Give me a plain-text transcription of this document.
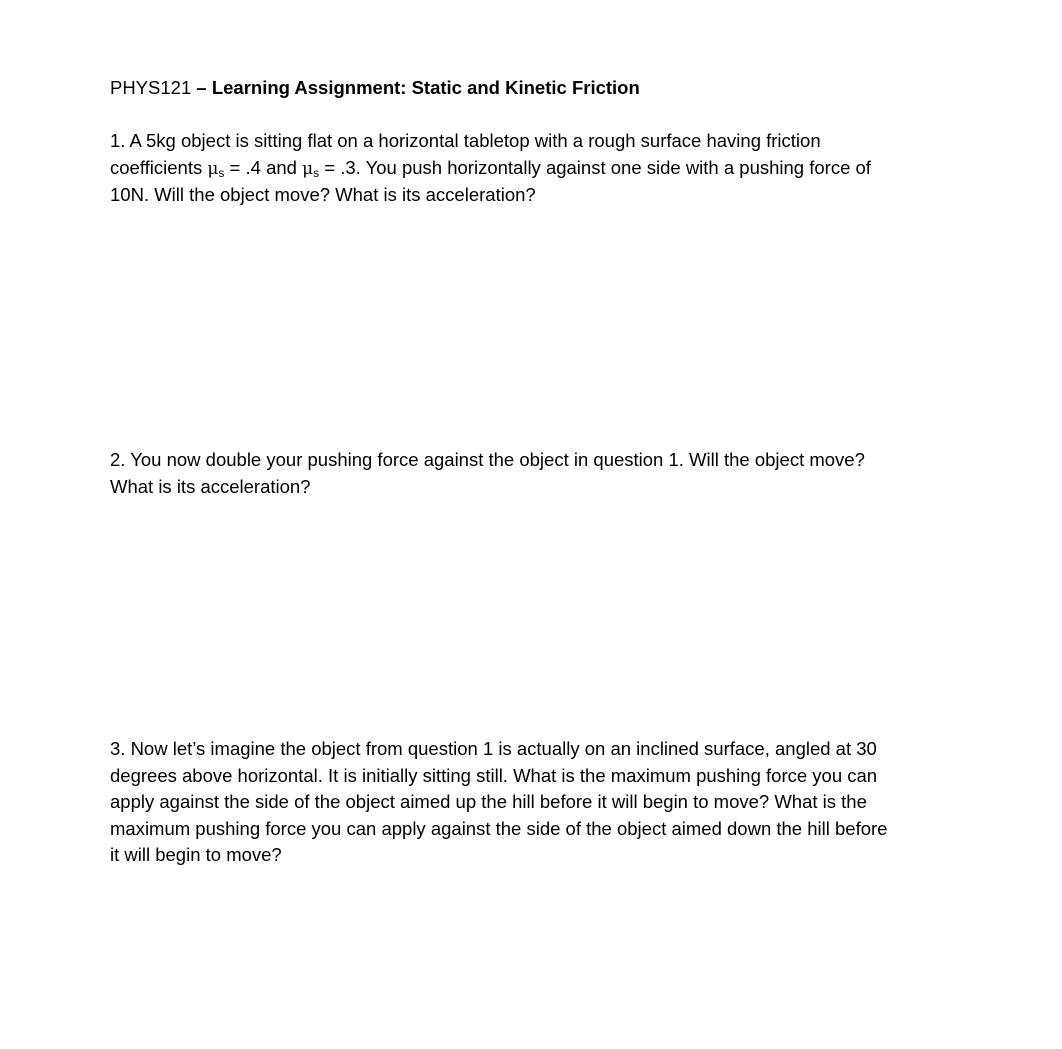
PHYS121 – Learning Assignment: Static and Kinetic Friction
1. A 5kg object is sitting flat on a horizontal tabletop with a rough surface having friction
coefficients $\mu_s = .4$ and $\mu_s = .3$. You push horizontally against one side with a pushing force of
10N. Will the object move? What is its acceleration?
2. You now double your pushing force against the object in question 1. Will the object move?
What is its acceleration?
3. Now let’s imagine the object from question 1 is actually on an inclined surface, angled at 30
degrees above horizontal. It is initially sitting still. What is the maximum pushing force you can
apply against the side of the object aimed up the hill before it will begin to move? What is the
maximum pushing force you can apply against the side of the object aimed down the hill before
it will begin to move?
